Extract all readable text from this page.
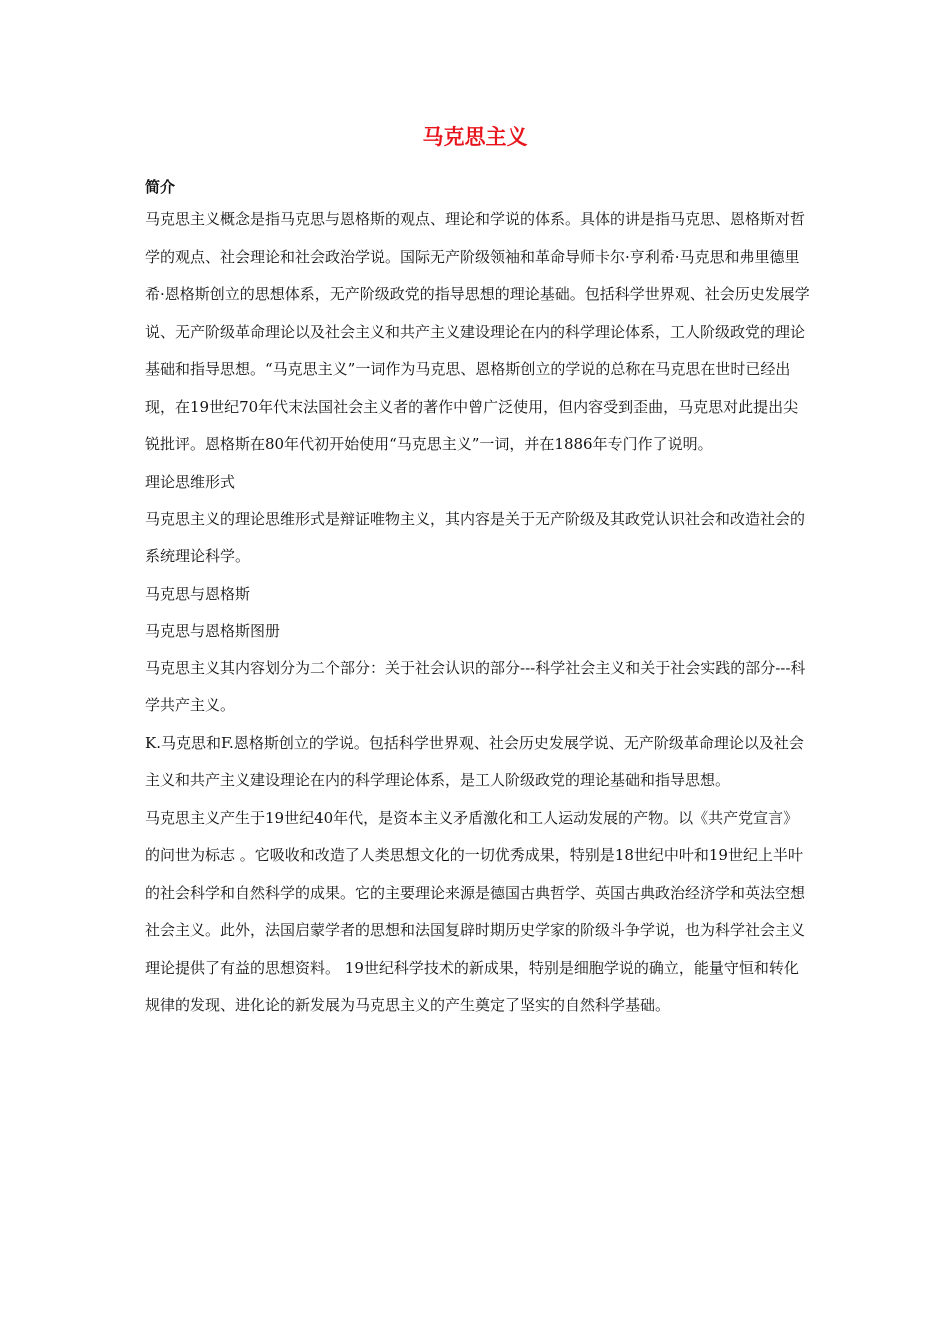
马克思主义

简介

马克思主义概念是指马克思与恩格斯的观点、理论和学说的体系。具体的讲是指马克思、恩格斯对哲学的观点、社会理论和社会政治学说。国际无产阶级领袖和革命导师卡尔·亨利希·马克思和弗里德里希·恩格斯创立的思想体系，无产阶级政党的指导思想的理论基础。包括科学世界观、社会历史发展学说、无产阶级革命理论以及社会主义和共产主义建设理论在内的科学理论体系，工人阶级政党的理论基础和指导思想。“马克思主义”一词作为马克思、恩格斯创立的学说的总称在马克思在世时已经出现，在19世纪70年代末法国社会主义者的著作中曾广泛使用，但内容受到歪曲，马克思对此提出尖锐批评。恩格斯在80年代初开始使用“马克思主义”一词，并在1886年专门作了说明。

理论思维形式

马克思主义的理论思维形式是辩证唯物主义，其内容是关于无产阶级及其政党认识社会和改造社会的系统理论科学。

马克思与恩格斯

马克思与恩格斯图册

马克思主义其内容划分为二个部分：关于社会认识的部分---科学社会主义和关于社会实践的部分---科学共产主义。

K.马克思和F.恩格斯创立的学说。包括科学世界观、社会历史发展学说、无产阶级革命理论以及社会主义和共产主义建设理论在内的科学理论体系，是工人阶级政党的理论基础和指导思想。

马克思主义产生于19世纪40年代，是资本主义矛盾激化和工人运动发展的产物。以《共产党宣言》的问世为标志 。它吸收和改造了人类思想文化的一切优秀成果，特别是18世纪中叶和19世纪上半叶的社会科学和自然科学的成果。它的主要理论来源是德国古典哲学、英国古典政治经济学和英法空想社会主义。此外，法国启蒙学者的思想和法国复辟时期历史学家的阶级斗争学说，也为科学社会主义理论提供了有益的思想资料。 19世纪科学技术的新成果，特别是细胞学说的确立，能量守恒和转化规律的发现、进化论的新发展为马克思主义的产生奠定了坚实的自然科学基础。
